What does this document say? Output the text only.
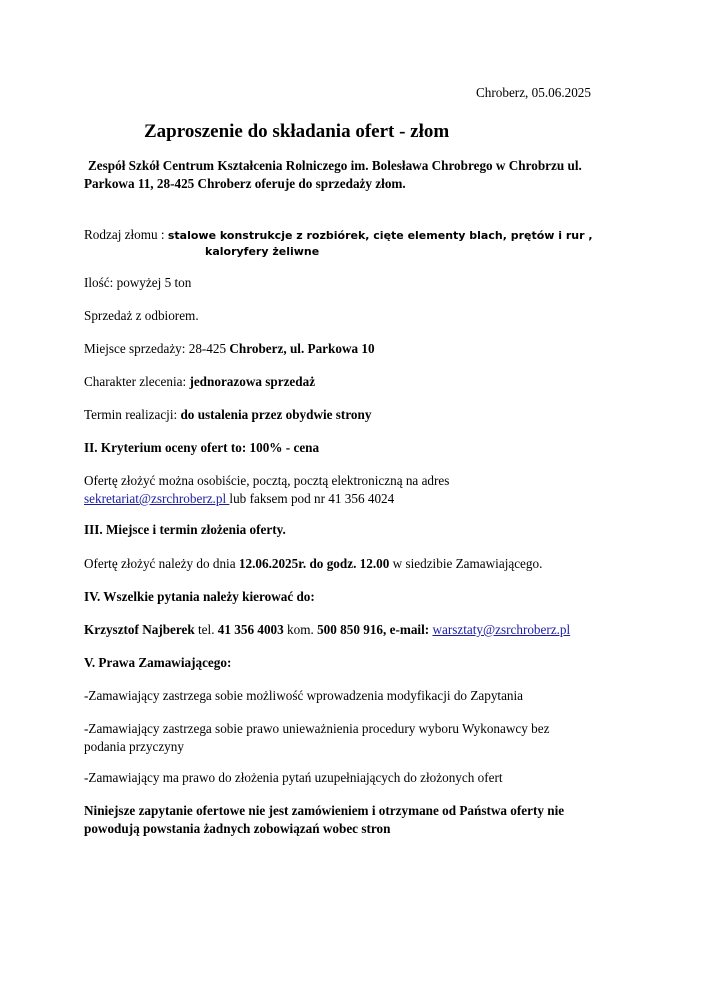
Chroberz, 05.06.2025
Zaproszenie do składania ofert - złom

Zespół Szkół Centrum Kształcenia Rolniczego im. Bolesława Chrobrego w Chrobrzu ul.

Parkowa 11, 28-425 Chroberz oferuje do sprzedaży złom.

Rodzaj złomu : stalowe konstrukcje z rozbiórek, cięte elementy blach, prętów i rur ,

kaloryfery żeliwne

Ilość: powyżej 5 ton

Sprzedaż z odbiorem.

Miejsce sprzedaży: 28-425 Chroberz, ul. Parkowa 10

Charakter zlecenia: jednorazowa sprzedaż

Termin realizacji: do ustalenia przez obydwie strony

II. Kryterium oceny ofert to: 100% - cena

Ofertę złożyć można osobiście, pocztą, pocztą elektroniczną na adres

sekretariat@zsrchroberz.pl lub faksem pod nr 41 356 4024

III. Miejsce i termin złożenia oferty.

Ofertę złożyć należy do dnia 12.06.2025r. do godz. 12.00 w siedzibie Zamawiającego.

IV. Wszelkie pytania należy kierować do:

Krzysztof Najberek tel. 41 356 4003 kom. 500 850 916, e-mail: warsztaty@zsrchroberz.pl

V. Prawa Zamawiającego:

-Zamawiający zastrzega sobie możliwość wprowadzenia modyfikacji do Zapytania

-Zamawiający zastrzega sobie prawo unieważnienia procedury wyboru Wykonawcy bez

podania przyczyny

-Zamawiający ma prawo do złożenia pytań uzupełniających do złożonych ofert

Niniejsze zapytanie ofertowe nie jest zamówieniem i otrzymane od Państwa oferty nie

powodują powstania żadnych zobowiązań wobec stron
